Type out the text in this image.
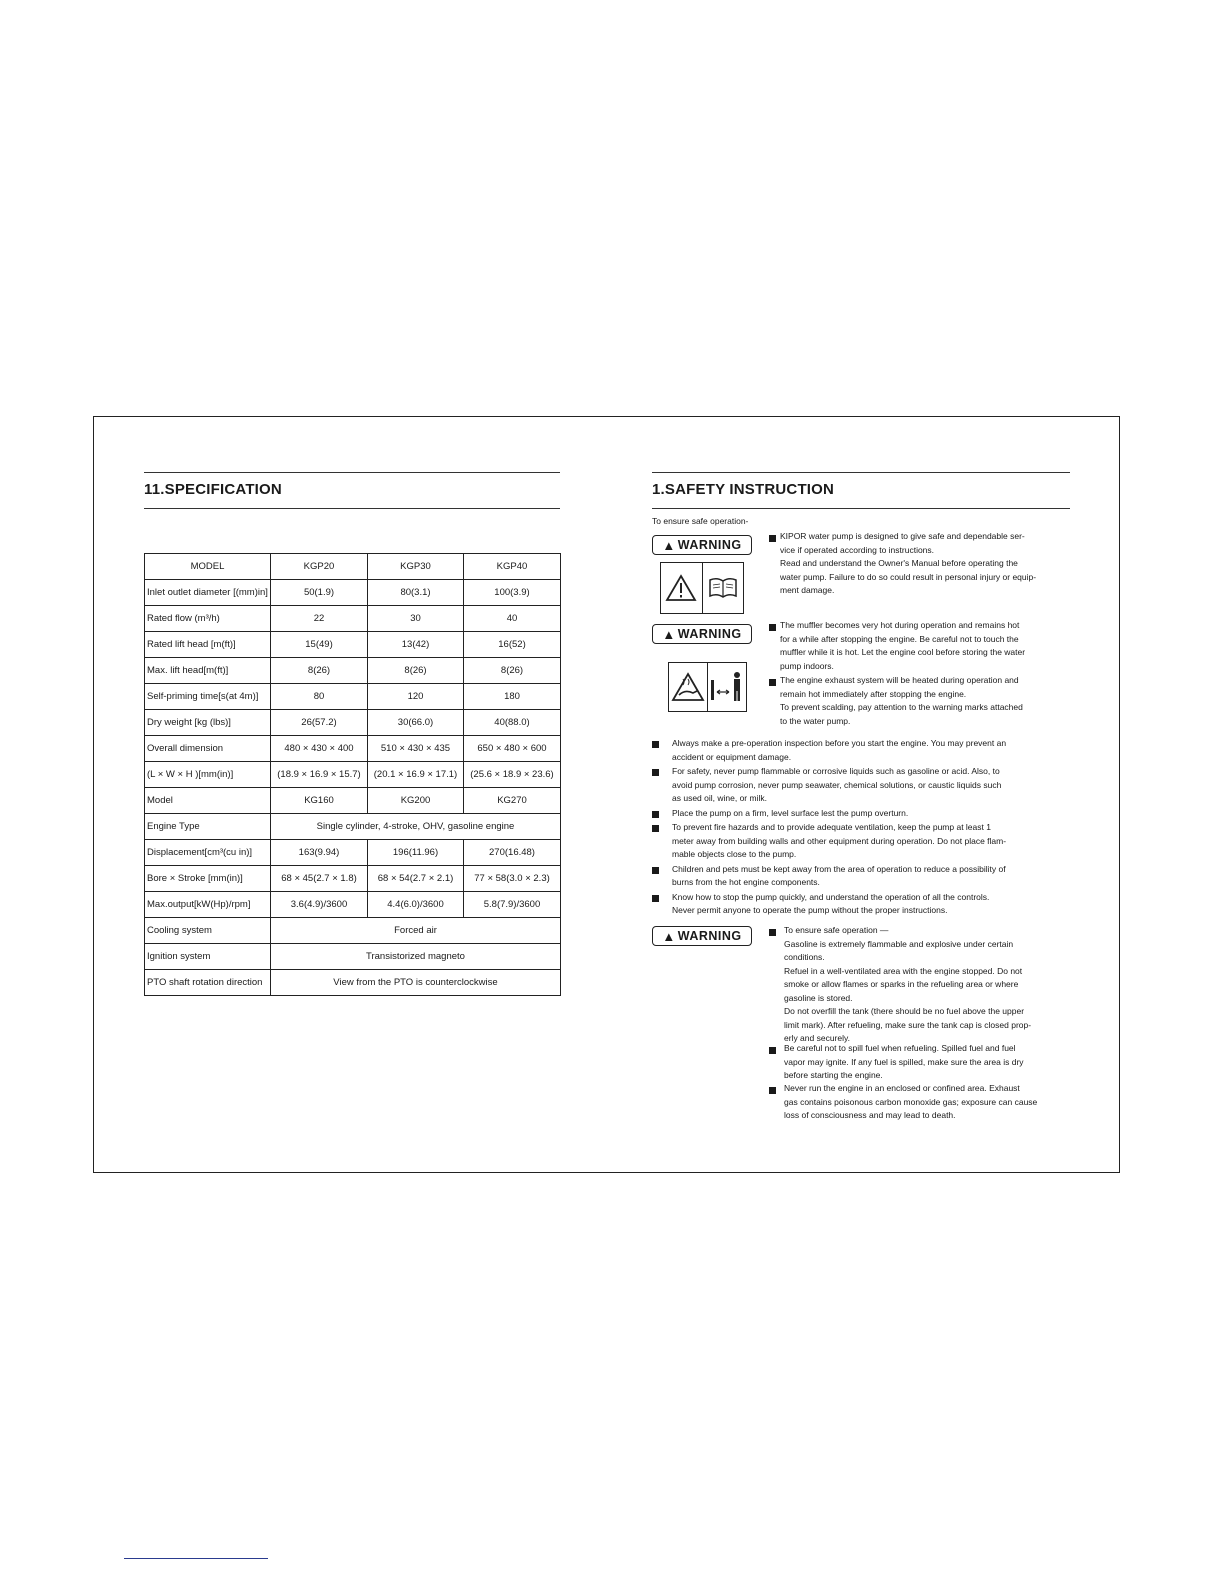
11.SPECIFICATION
MODEL	KGP20	KGP30	KGP40
Inlet outlet diameter [(mm)in]	50(1.9)	80(3.1)	100(3.9)
Rated flow (m³/h)	22	30	40
Rated lift head [m(ft)]	15(49)	13(42)	16(52)
Max. lift head[m(ft)]	8(26)	8(26)	8(26)
Self-priming time[s(at 4m)]	80	120	180
Dry weight [kg (lbs)]	26(57.2)	30(66.0)	40(88.0)
Overall dimension	480 × 430 × 400	510 × 430 × 435	650 × 480 × 600
(L × W × H )[mm(in)]	(18.9 × 16.9 × 15.7)	(20.1 × 16.9 × 17.1)	(25.6 × 18.9 × 23.6)
Model	KG160	KG200	KG270
Engine Type	Single cylinder, 4-stroke, OHV, gasoline engine		
Displacement[cm³(cu in)]	163(9.94)	196(11.96)	270(16.48)
Bore × Stroke [mm(in)]	68 × 45(2.7 × 1.8)	68 × 54(2.7 × 2.1)	77 × 58(3.0 × 2.3)
Max.output[kW(Hp)/rpm]	3.6(4.9)/3600	4.4(6.0)/3600	5.8(7.9)/3600
Cooling system	Forced air		
Ignition system	Transistorized magneto		
PTO shaft rotation direction	View from the PTO is counterclockwise		
1.SAFETY INSTRUCTION
To ensure safe operation-
▲ WARNING

KIPOR water pump is designed to give safe and dependable ser-

vice if operated according to instructions.

Read and understand the Owner's Manual before operating the

water pump. Failure to do so could result in personal injury or equip-

ment damage.

▲ WARNING

The muffler becomes very hot during operation and remains hot

for a while after stopping the engine. Be careful not to touch the

muffler while it is hot. Let the engine cool before storing the water

pump indoors.

The engine exhaust system will be heated during operation and

remain hot immediately after stopping the engine.

To prevent scalding, pay attention to the warning marks attached

to the water pump.

Always make a pre-operation inspection before you start the engine. You may prevent an

accident or equipment damage.

For safety, never pump flammable or corrosive liquids such as gasoline or acid. Also, to

avoid pump corrosion, never pump seawater, chemical solutions, or caustic liquids such

as used oil, wine, or milk.

Place the pump on a firm, level surface lest the pump overturn.

To prevent fire hazards and to provide adequate ventilation, keep the pump at least 1

meter away from building walls and other equipment during operation. Do not place flam-

mable objects close to the pump.

Children and pets must be kept away from the area of operation to reduce a possibility of

burns from the hot engine components.

Know how to stop the pump quickly, and understand the operation of all the controls.

Never permit anyone to operate the pump without the proper instructions.

▲ WARNING	To ensure safe operation —

Gasoline is extremely flammable and explosive under certain

conditions.

Refuel in a well-ventilated area with the engine stopped. Do not

smoke or allow flames or sparks in the refueling area or where

gasoline is stored.

Do not overfill the tank (there should be no fuel above the upper

limit mark). After refueling, make sure the tank cap is closed prop-

erly and securely.

Be careful not to spill fuel when refueling. Spilled fuel and fuel

vapor may ignite. If any fuel is spilled, make sure the area is dry

before starting the engine.

Never run the engine in an enclosed or confined area. Exhaust

gas contains poisonous carbon monoxide gas; exposure can cause

loss of consciousness and may lead to death.
